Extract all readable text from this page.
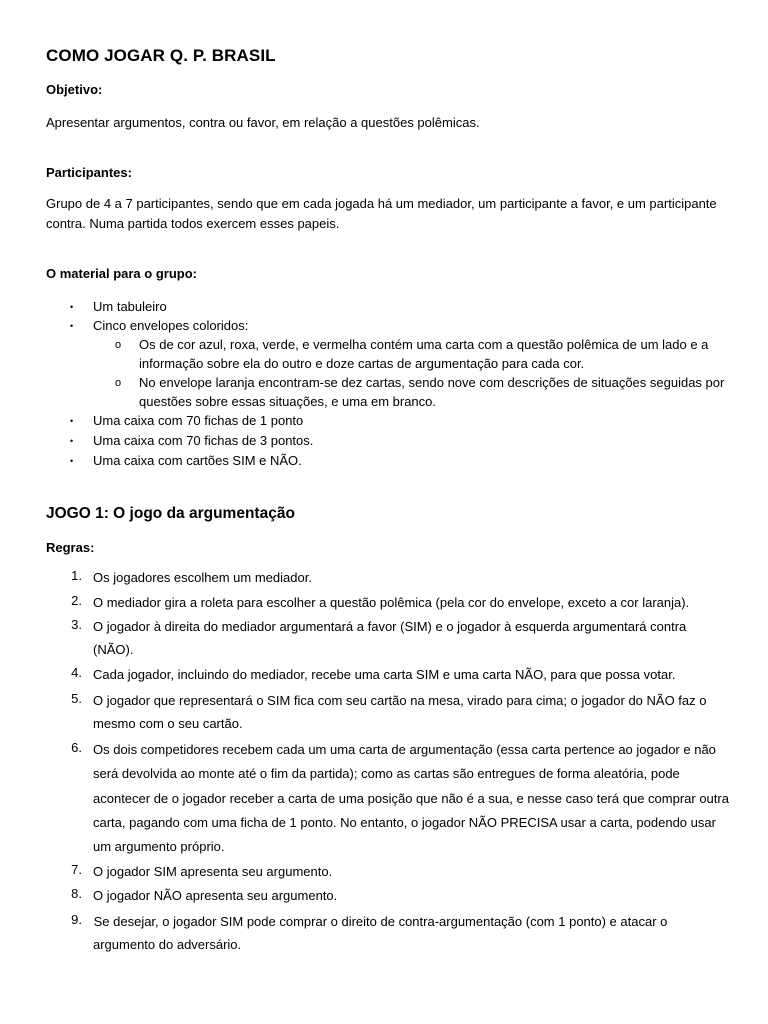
COMO JOGAR Q. P. BRASIL
Objetivo:
Apresentar argumentos, contra ou favor, em relação a questões polêmicas.
Participantes:
Grupo de 4 a 7 participantes, sendo que em cada jogada há um mediador, um participante a favor, e um participante
contra. Numa partida todos exercem esses papeis.
O material para o grupo:
• Um tabuleiro
• Cinco envelopes coloridos:
o Os de cor azul, roxa, verde, e vermelha contém uma carta com a questão polêmica de um lado e a
informação sobre ela do outro e doze cartas de argumentação para cada cor.
o No envelope laranja encontram-se dez cartas, sendo nove com descrições de situações seguidas por
questões sobre essas situações, e uma em branco.
• Uma caixa com 70 fichas de 1 ponto
• Uma caixa com 70 fichas de 3 pontos.
• Uma caixa com cartões SIM e NÃO.
JOGO 1: O jogo da argumentação
Regras:
1. Os jogadores escolhem um mediador.
2. O mediador gira a roleta para escolher a questão polêmica (pela cor do envelope, exceto a cor laranja).
3. O jogador à direita do mediador argumentará a favor (SIM) e o jogador à esquerda argumentará contra
(NÃO).
4. Cada jogador, incluindo do mediador, recebe uma carta SIM e uma carta NÃO, para que possa votar.
5. O jogador que representará o SIM fica com seu cartão na mesa, virado para cima; o jogador do NÃO faz o
mesmo com o seu cartão.
6. Os dois competidores recebem cada um uma carta de argumentação (essa carta pertence ao jogador e não
será devolvida ao monte até o fim da partida); como as cartas são entregues de forma aleatória, pode
acontecer de o jogador receber a carta de uma posição que não é a sua, e nesse caso terá que comprar outra
carta, pagando com uma ficha de 1 ponto. No entanto, o jogador NÃO PRECISA usar a carta, podendo usar
um argumento próprio.
7. O jogador SIM apresenta seu argumento.
8. O jogador NÃO apresenta seu argumento.
9. Se desejar, o jogador SIM pode comprar o direito de contra-argumentação (com 1 ponto) e atacar o
argumento do adversário.
